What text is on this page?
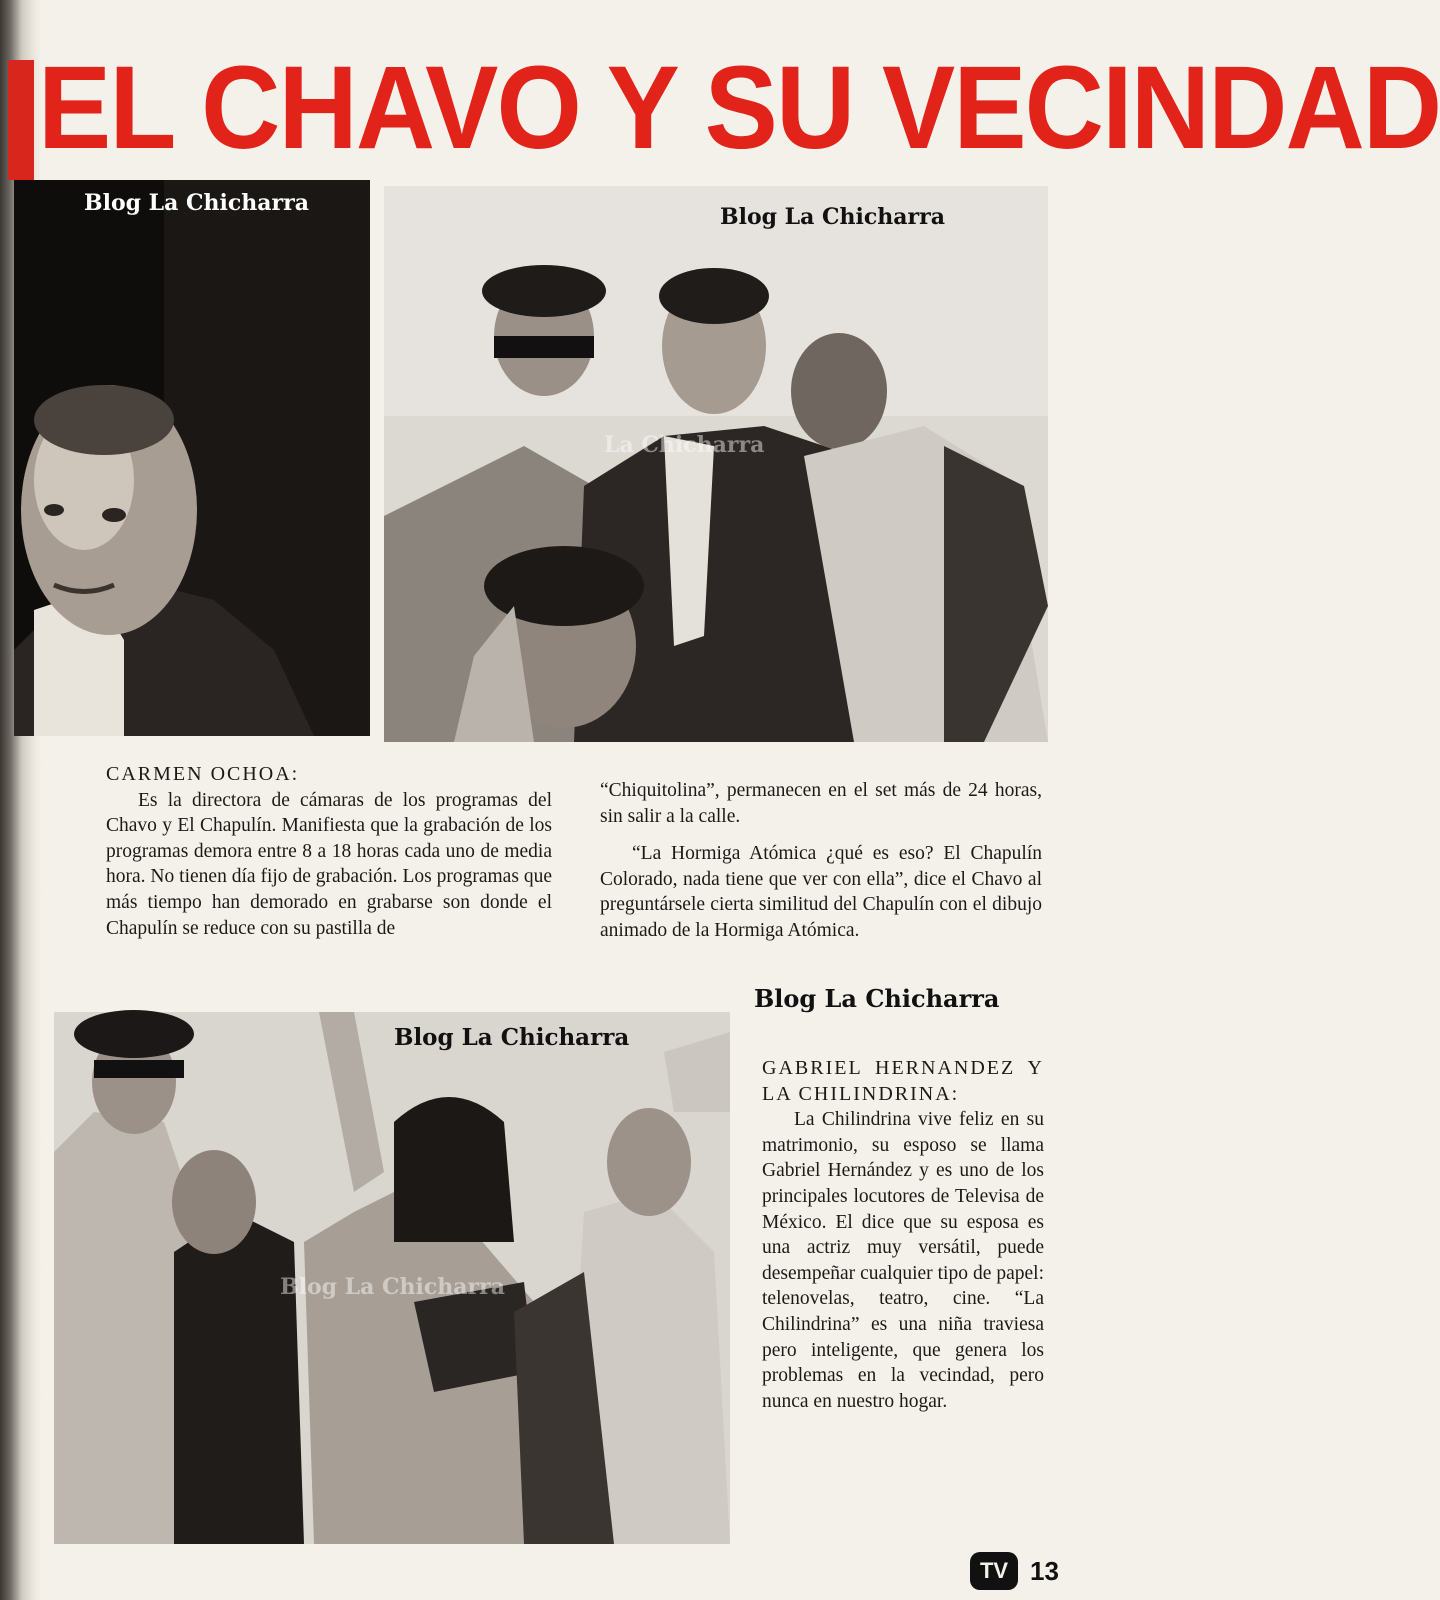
EL CHAVO Y SU VECINDAD
Blog La Chicharra
Blog La Chicharra
La Chicharra

CARMEN OCHOA:

Es la directora de cámaras de los programas del Chavo y El Chapulín. Manifiesta que la grabación de los programas demora entre 8 a 18 horas cada uno de media hora. No tienen día fijo de grabación. Los programas que más tiempo han demorado en grabarse son donde el Chapulín se reduce con su pastilla de

“Chiquitolina”, permanecen en el set más de 24 horas, sin salir a la calle.

“La Hormiga Atómica ¿qué es eso? El Chapulín Colorado, nada tiene que ver con ella”, dice el Chavo al preguntársele cierta similitud del Chapulín con el dibujo animado de la Hormiga Atómica.

Blog La Chicharra
Blog La Chicharra
Blog La Chicharra

GABRIEL HERNANDEZ Y LA CHILINDRINA:

La Chilindrina vive feliz en su matrimonio, su esposo se llama Gabriel Hernández y es uno de los principales locutores de Televisa de México. El dice que su esposa es una actriz muy versátil, puede desempeñar cualquier tipo de papel: telenovelas, teatro, cine. “La Chilindrina” es una niña traviesa pero inteligente, que genera los problemas en la vecindad, pero nunca en nuestro hogar.

TV 13
